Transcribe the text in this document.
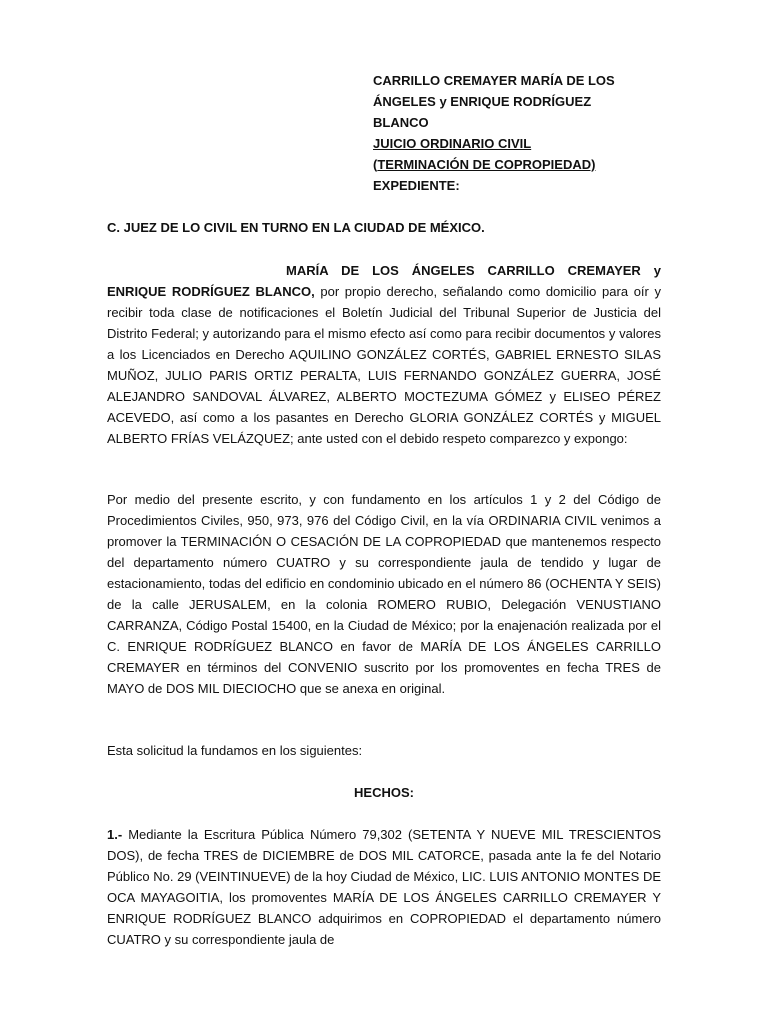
CARRILLO CREMAYER MARÍA DE LOS
ÁNGELES y ENRIQUE RODRÍGUEZ
BLANCO
JUICIO ORDINARIO CIVIL
(TERMINACIÓN DE COPROPIEDAD)
EXPEDIENTE:
C. JUEZ DE LO CIVIL EN TURNO EN LA CIUDAD DE MÉXICO.
MARÍA DE LOS ÁNGELES CARRILLO CREMAYER y ENRIQUE RODRÍGUEZ BLANCO, por propio derecho, señalando como domicilio para oír y recibir toda clase de notificaciones el Boletín Judicial del Tribunal Superior de Justicia del Distrito Federal; y autorizando para el mismo efecto así como para recibir documentos y valores a los Licenciados en Derecho AQUILINO GONZÁLEZ CORTÉS, GABRIEL ERNESTO SILAS MUÑOZ, JULIO PARIS ORTIZ PERALTA, LUIS FERNANDO GONZÁLEZ GUERRA, JOSÉ ALEJANDRO SANDOVAL ÁLVAREZ, ALBERTO MOCTEZUMA GÓMEZ y ELISEO PÉREZ ACEVEDO, así como a los pasantes en Derecho GLORIA GONZÁLEZ CORTÉS y MIGUEL ALBERTO FRÍAS VELÁZQUEZ; ante usted con el debido respeto comparezco y expongo:
Por medio del presente escrito, y con fundamento en los artículos 1 y 2 del Código de Procedimientos Civiles, 950, 973, 976 del Código Civil, en la vía ORDINARIA CIVIL venimos a promover la TERMINACIÓN O CESACIÓN DE LA COPROPIEDAD que mantenemos respecto del departamento número CUATRO y su correspondiente jaula de tendido y lugar de estacionamiento, todas del edificio en condominio ubicado en el número 86 (OCHENTA Y SEIS) de la calle JERUSALEM, en la colonia ROMERO RUBIO, Delegación VENUSTIANO CARRANZA, Código Postal 15400, en la Ciudad de México; por la enajenación realizada por el C. ENRIQUE RODRÍGUEZ BLANCO en favor de MARÍA DE LOS ÁNGELES CARRILLO CREMAYER en términos del CONVENIO suscrito por los promoventes en fecha TRES de MAYO de DOS MIL DIECIOCHO que se anexa en original.
Esta solicitud la fundamos en los siguientes:
HECHOS:
1.- Mediante la Escritura Pública Número 79,302 (SETENTA Y NUEVE MIL TRESCIENTOS DOS), de fecha TRES de DICIEMBRE de DOS MIL CATORCE, pasada ante la fe del Notario Público No. 29 (VEINTINUEVE) de la hoy Ciudad de México, LIC. LUIS ANTONIO MONTES DE OCA MAYAGOITIA, los promoventes MARÍA DE LOS ÁNGELES CARRILLO CREMAYER Y ENRIQUE RODRÍGUEZ BLANCO adquirimos en COPROPIEDAD el departamento número CUATRO y su correspondiente jaula de
